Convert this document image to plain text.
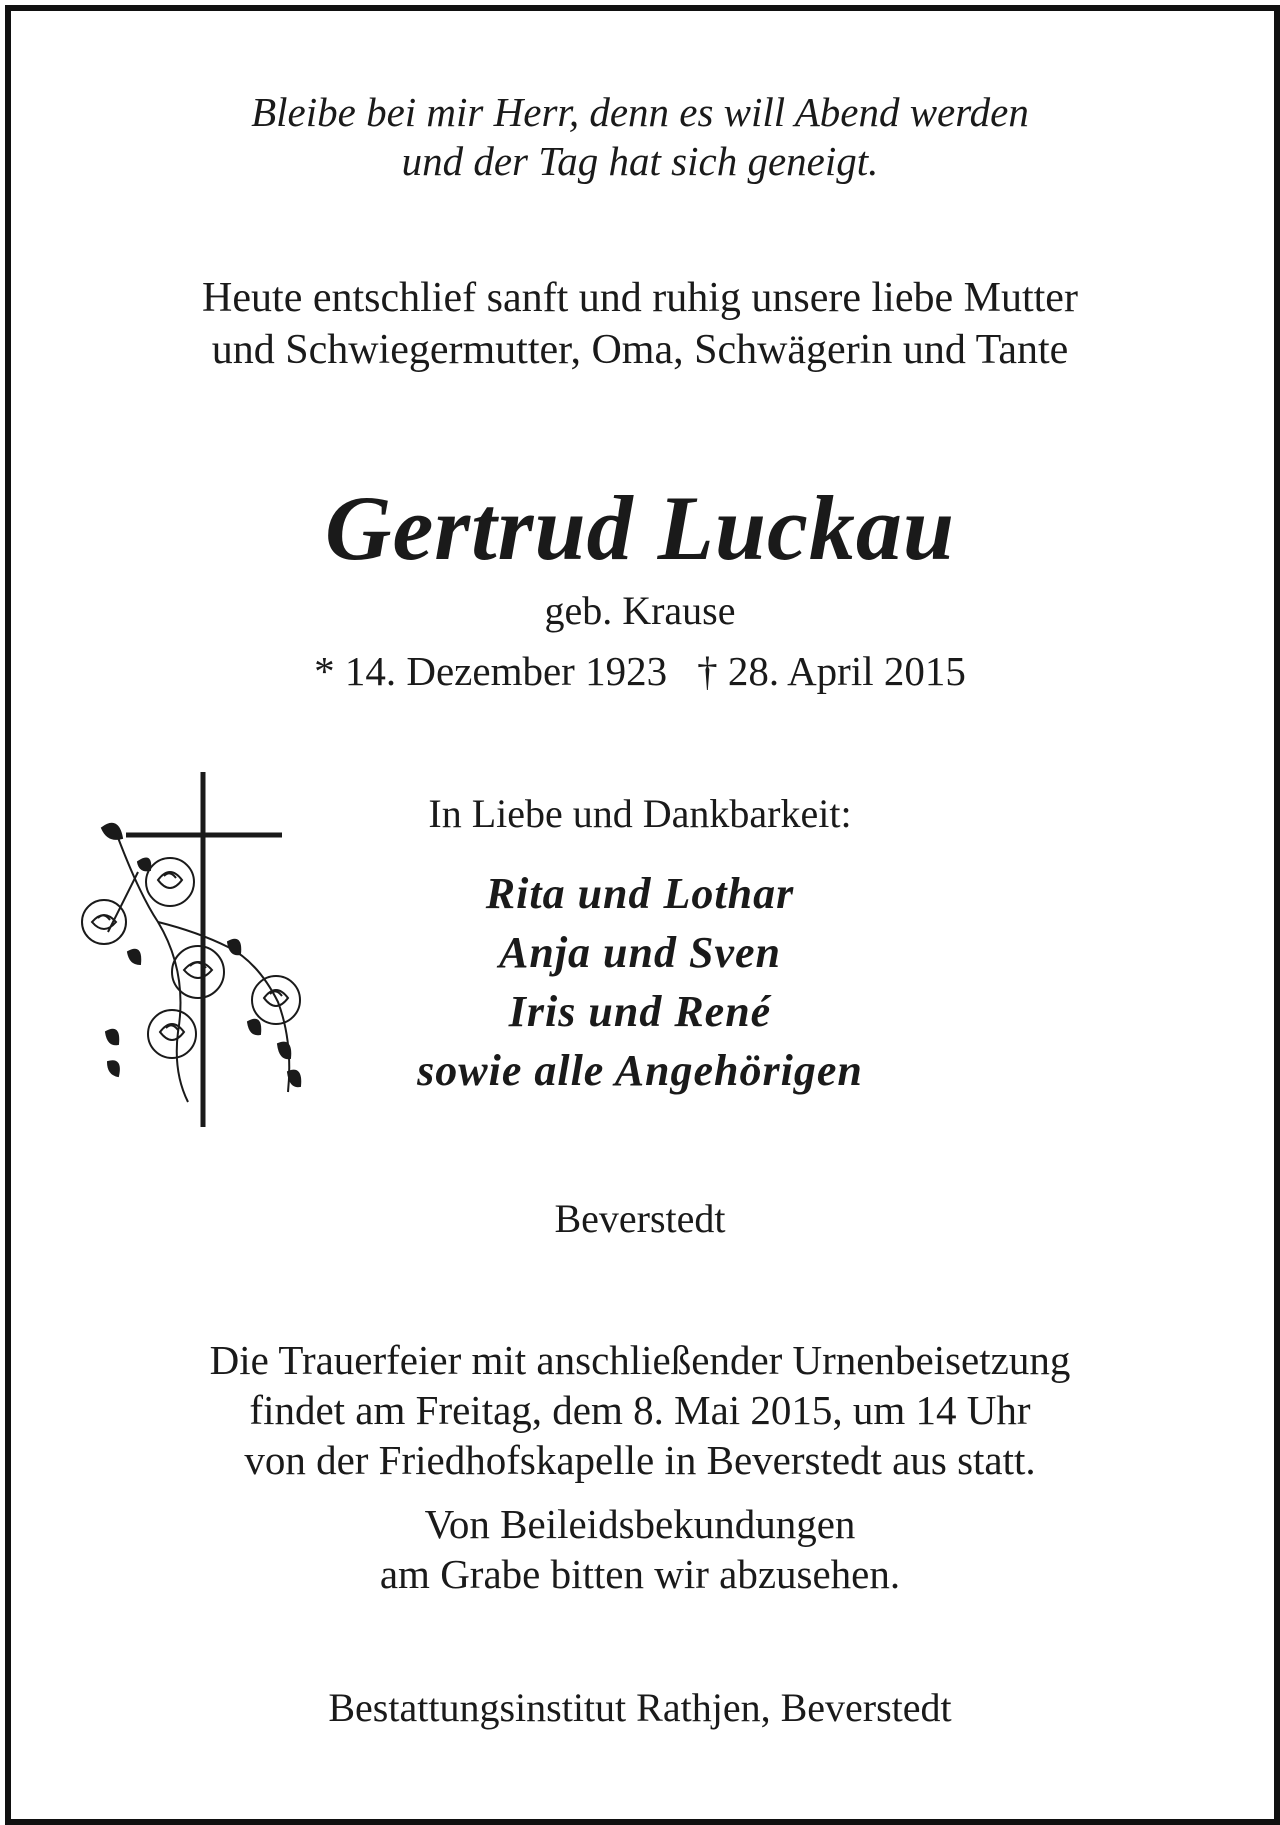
Bleibe bei mir Herr, denn es will Abend werden
und der Tag hat sich geneigt.
Heute entschlief sanft und ruhig unsere liebe Mutter
und Schwiegermutter, Oma, Schwägerin und Tante
Gertrud Luckau
geb. Krause
* 14. Dezember 1923 † 28. April 2015
In Liebe und Dankbarkeit:
Rita und Lothar
Anja und Sven
Iris und René
sowie alle Angehörigen
Beverstedt
Die Trauerfeier mit anschließender Urnenbeisetzung
findet am Freitag, dem 8. Mai 2015, um 14 Uhr
von der Friedhofskapelle in Beverstedt aus statt.
Von Beileidsbekundungen
am Grabe bitten wir abzusehen.
Bestattungsinstitut Rathjen, Beverstedt
